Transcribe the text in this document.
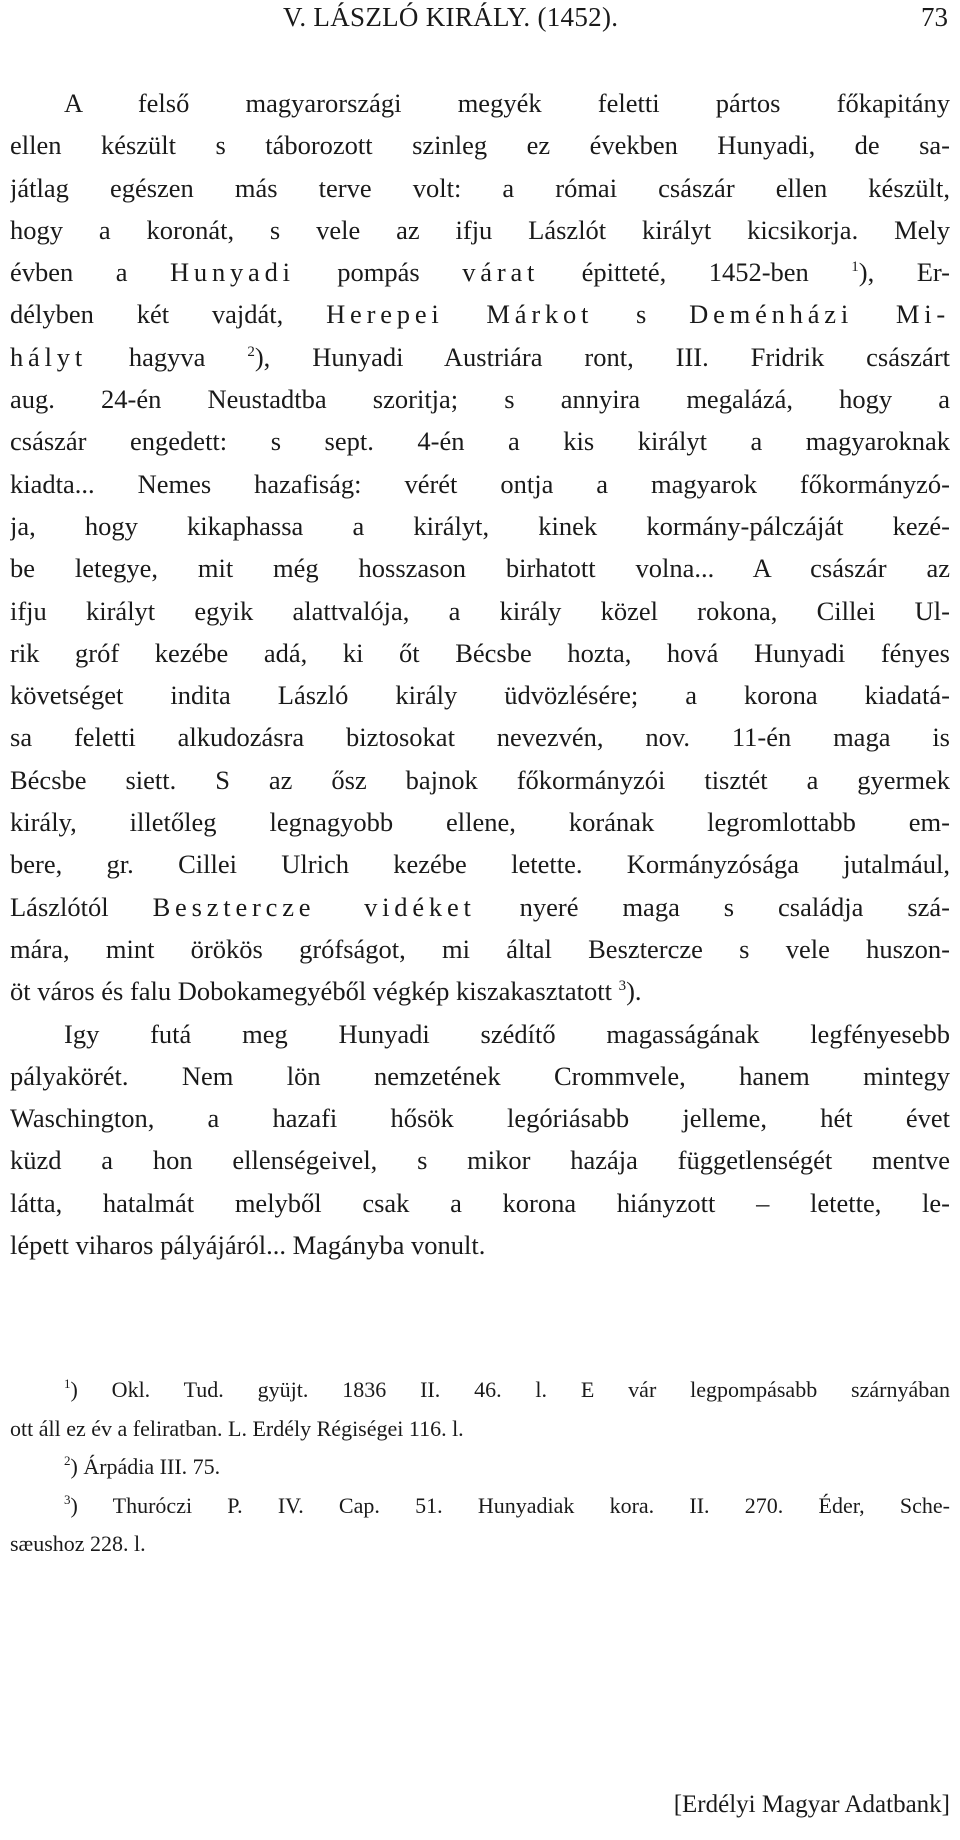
V. LÁSZLÓ KIRÁLY. (1452).	73
A felső magyarországi megyék feletti pártos főkapitány
ellen készült s táborozott szinleg ez években Hunyadi, de sa-
játlag egészen más terve volt: a római császár ellen készült,
hogy a koronát, s vele az ifju Lászlót királyt kicsikorja. Mely
évben a Hunyadi pompás várat épitteté, 1452-ben $^1$), Er-
délyben két vajdát, Herepei Márkot s Deménházi Mi-
hályt hagyva $^2$), Hunyadi Austriára ront, III. Fridrik császárt
aug. 24-én Neustadtba szoritja; s annyira megalázá, hogy a
császár engedett: s sept. 4-én a kis királyt a magyaroknak
kiadta... Nemes hazafiság: vérét ontja a magyarok főkormányzó-
ja, hogy kikaphassa a királyt, kinek kormány-pálczáját kezé-
be letegye, mit még hosszason birhatott volna... A császár az
ifju királyt egyik alattvalója, a király közel rokona, Cillei Ul-
rik gróf kezébe adá, ki őt Bécsbe hozta, hová Hunyadi fényes
követséget indita László király üdvözlésére; a korona kiadatá-
sa feletti alkudozásra biztosokat nevezvén, nov. 11-én maga is
Bécsbe siett. S az ősz bajnok főkormányzói tisztét a gyermek
király, illetőleg legnagyobb ellene, korának legromlottabb em-
bere, gr. Cillei Ulrich kezébe letette. Kormányzósága jutalmául,
Lászlótól Besztercze vidéket nyeré maga s családja szá-
mára, mint örökös grófságot, mi által Besztercze s vele huszon-
öt város és falu Dobokamegyéből végkép kiszakasztatott $^3$).
Igy futá meg Hunyadi szédítő magasságának legfényesebb
pályakörét. Nem lön nemzetének Crommvele, hanem mintegy
Waschington, a hazafi hősök legóriásabb jelleme, hét évet
küzd a hon ellenségeivel, s mikor hazája függetlenségét mentve
látta, hatalmát melyből csak a korona hiányzott – letette, le-
lépett viharos pályájáról... Magányba vonult.
$^1$) Okl. Tud. gyüjt. 1836 II. 46. l. E vár legpompásabb szárnyában
ott áll ez év a feliratban. L. Erdély Régiségei 116. l.
$^2$) Árpádia III. 75.
$^3$) Thuróczi P. IV. Cap. 51. Hunyadiak kora. II. 270. Éder, Sche-
sæushoz 228. l.
[Erdélyi Magyar Adatbank]
